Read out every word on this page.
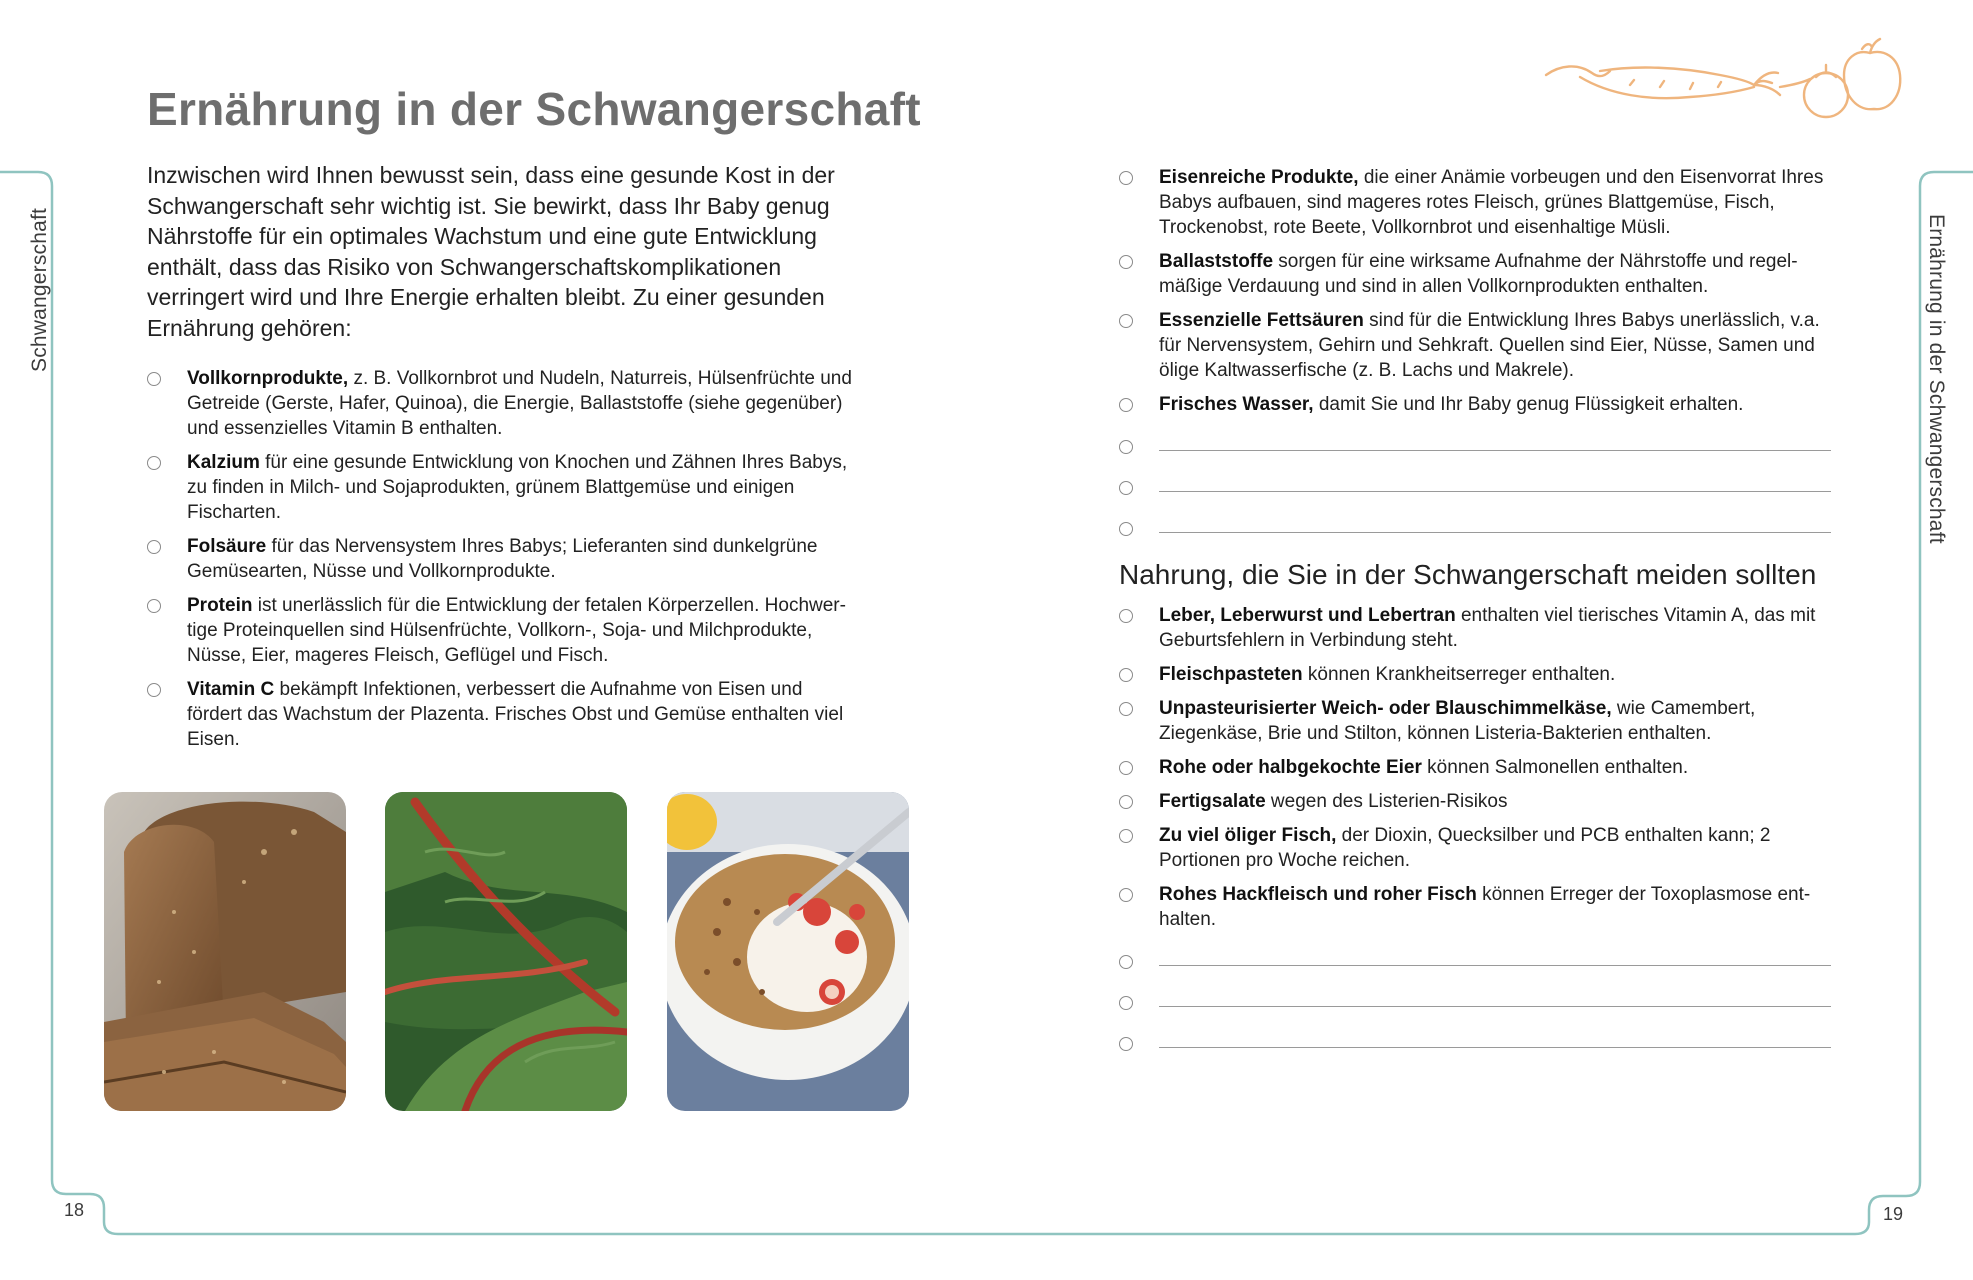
Schwangerschaft	Ernährung in der Schwangerschaft
18	19
Ernährung in der Schwangerschaft

Inzwischen wird Ihnen bewusst sein, dass eine gesunde Kost in der Schwangerschaft sehr wichtig ist. Sie bewirkt, dass Ihr Baby genug Nährstoffe für ein optimales Wachstum und eine gute Entwicklung enthält, dass das Risiko von Schwangerschaftskomplikationen verringert wird und Ihre Energie erhalten bleibt. Zu einer gesunden Ernährung gehören:

Vollkornprodukte, z. B. Vollkornbrot und Nudeln, Naturreis, Hülsenfrüchte und Getreide (Gerste, Hafer, Quinoa), die Energie, Ballaststoffe (siehe gegenüber) und essenzielles Vitamin B enthalten.
Kalzium für eine gesunde Entwicklung von Knochen und Zähnen Ihres Babys, zu finden in Milch- und Sojaprodukten, grünem Blattgemüse und einigen Fischarten.
Folsäure für das Nervensystem Ihres Babys; Lieferanten sind dunkelgrüne Gemüsearten, Nüsse und Vollkornprodukte.
Protein ist unerlässlich für die Entwicklung der fetalen Körperzellen. Hochwertige Proteinquellen sind Hülsenfrüchte, Vollkorn-, Soja- und Milchprodukte, Nüsse, Eier, mageres Fleisch, Geflügel und Fisch.
Vitamin C bekämpft Infektionen, verbessert die Aufnahme von Eisen und fördert das Wachstum der Plazenta. Frisches Obst und Gemüse enthalten viel Eisen.
Eisenreiche Produkte, die einer Anämie vorbeugen und den Eisenvorrat Ihres Babys aufbauen, sind mageres rotes Fleisch, grünes Blattgemüse, Fisch, Trockenobst, rote Beete, Vollkornbrot und eisenhaltige Müsli.
Ballaststoffe sorgen für eine wirksame Aufnahme der Nährstoffe und regelmäßige Verdauung und sind in allen Vollkornprodukten enthalten.
Essenzielle Fettsäuren sind für die Entwicklung Ihres Babys unerlässlich, v.a. für Nervensystem, Gehirn und Sehkraft. Quellen sind Eier, Nüsse, Samen und ölige Kaltwasserfische (z. B. Lachs und Makrele).
Frisches Wasser, damit Sie und Ihr Baby genug Flüssigkeit erhalten.
Nahrung, die Sie in der Schwangerschaft meiden sollten
Leber, Leberwurst und Lebertran enthalten viel tierisches Vitamin A, das mit Geburtsfehlern in Verbindung steht.
Fleischpasteten können Krankheitserreger enthalten.
Unpasteurisierter Weich- oder Blauschimmelkäse, wie Camembert, Ziegenkäse, Brie und Stilton, können Listeria-Bakterien enthalten.
Rohe oder halbgekochte Eier können Salmonellen enthalten.
Fertigsalate wegen des Listerien-Risikos
Zu viel öliger Fisch, der Dioxin, Quecksilber und PCB enthalten kann; 2 Portionen pro Woche reichen.
Rohes Hackfleisch und roher Fisch können Erreger der Toxoplasmose enthalten.
